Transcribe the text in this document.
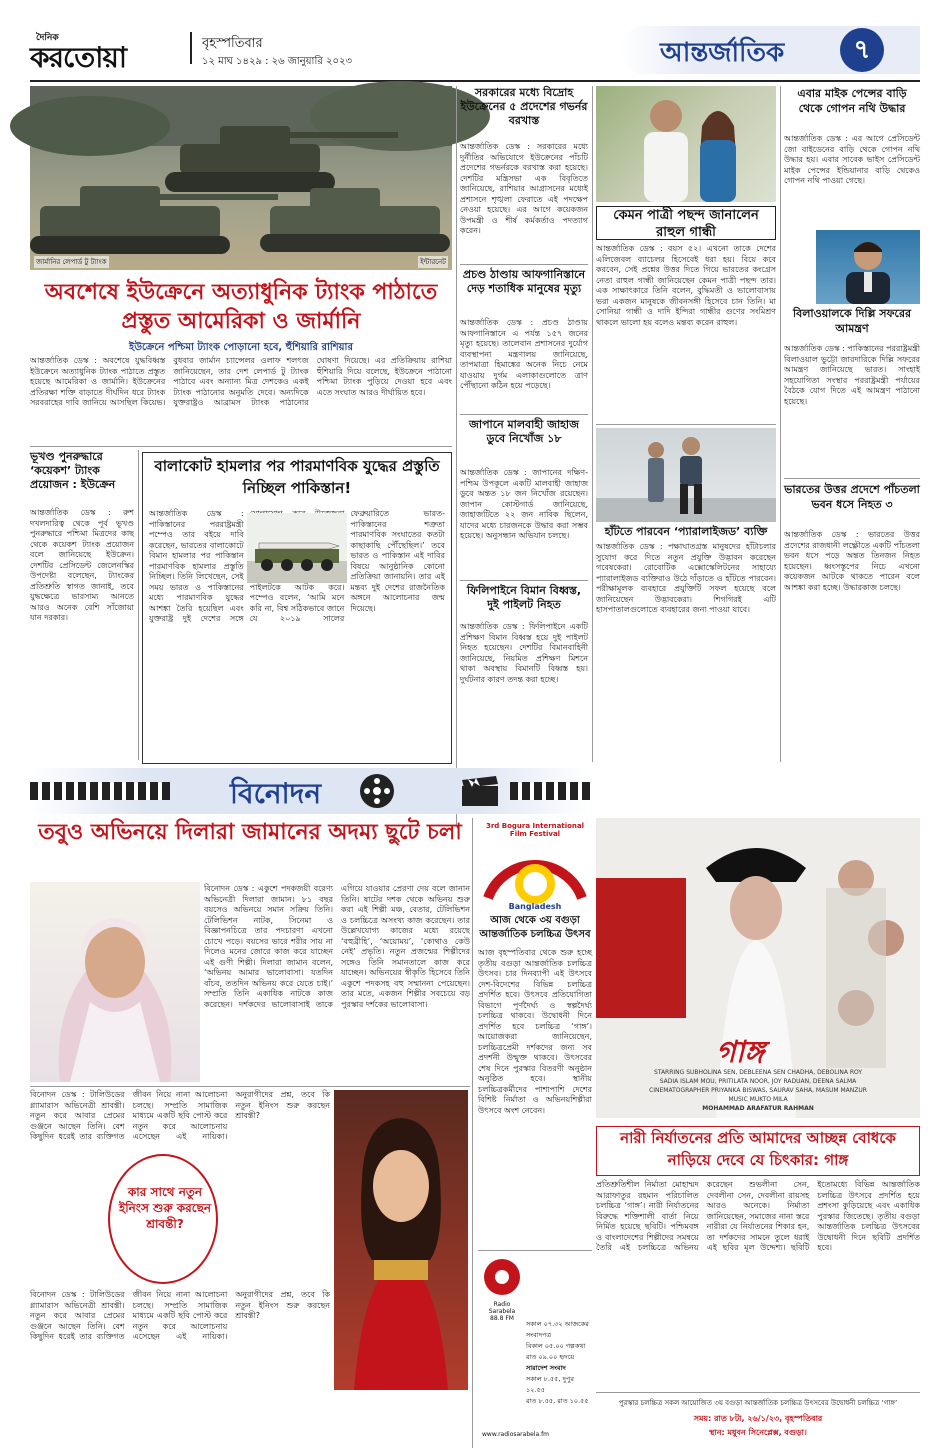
দৈনিক
করতোয়া	বৃহস্পতিবার
১২ মাঘ ১৪২৯ : ২৬ জানুয়ারি ২০২৩	আন্তর্জাতিক	৭
জার্মানির লেপার্ড টু ট্যাংক	ইন্টারনেট
অবশেষে ইউক্রেনে অত্যাধুনিক ট্যাংক পাঠাতে প্রস্তুত আমেরিকা ও জার্মানি
ইউক্রেনে পশ্চিমা ট্যাংক পোড়ানো হবে, হুঁশিয়ারি রাশিয়ার
আন্তর্জাতিক ডেস্ক : অবশেষে যুদ্ধবিধ্বস্ত ইউক্রেনে অত্যাধুনিক ট্যাংক পাঠাতে প্রস্তুত হয়েছে আমেরিকা ও জার্মানি। ইউক্রেনের প্রতিরক্ষা শক্তি বাড়াতে দীর্ঘদিন ধরে ট্যাংক সরবরাহের দাবি জানিয়ে আসছিল কিয়েভ। বুধবার জার্মান চ্যান্সেলর ওলাফ শলৎজ জানিয়েছেন, তার দেশ লেপার্ড টু ট্যাংক পাঠাবে এবং অন্যান্য মিত্র দেশকেও একই ট্যাংক পাঠানোর অনুমতি দেবে। অন্যদিকে যুক্তরাষ্ট্রও আব্রামস ট্যাংক পাঠানোর ঘোষণা দিয়েছে। এর প্রতিক্রিয়ায় রাশিয়া হুঁশিয়ারি দিয়ে বলেছে, ইউক্রেনে পাঠানো পশ্চিমা ট্যাংক পুড়িয়ে দেওয়া হবে এবং এতে সংঘাত আরও দীর্ঘায়িত হবে।
সরকারের মধ্যে বিদ্রোহ ইউক্রেনের ৫ প্রদেশের গভর্নর বরখাস্ত
আন্তর্জাতিক ডেস্ক : সরকারের মধ্যে দুর্নীতির অভিযোগে ইউক্রেনের পাঁচটি প্রদেশের গভর্নরকে বরখাস্ত করা হয়েছে। দেশটির মন্ত্রিসভা এক বিবৃতিতে জানিয়েছে, রাশিয়ার আগ্রাসনের মধ্যেই প্রশাসনে শৃঙ্খলা ফেরাতে এই পদক্ষেপ নেওয়া হয়েছে। এর আগে কয়েকজন উপমন্ত্রী ও শীর্ষ কর্মকর্তাও পদত্যাগ করেন।
প্রচণ্ড ঠাণ্ডায় আফগানিস্তানে দেড় শতাধিক মানুষের মৃত্যু
আন্তর্জাতিক ডেস্ক : প্রচণ্ড ঠাণ্ডায় আফগানিস্তানে এ পর্যন্ত ১৫৭ জনের মৃত্যু হয়েছে। তালেবান প্রশাসনের দুর্যোগ ব্যবস্থাপনা মন্ত্রণালয় জানিয়েছে, তাপমাত্রা হিমাঙ্কের অনেক নিচে নেমে যাওয়ায় দুর্গম এলাকাগুলোতে ত্রাণ পৌঁছানো কঠিন হয়ে পড়েছে।
জাপানে মালবাহী জাহাজ ডুবে নিখোঁজ ১৮
আন্তর্জাতিক ডেস্ক : জাপানের দক্ষিণ-পশ্চিম উপকূলে একটি মালবাহী জাহাজ ডুবে অন্তত ১৮ জন নিখোঁজ রয়েছেন। জাপান কোস্টগার্ড জানিয়েছে, জাহাজটিতে ২২ জন নাবিক ছিলেন, যাদের মধ্যে চারজনকে উদ্ধার করা সম্ভব হয়েছে। অনুসন্ধান অভিযান চলছে।
ফিলিপাইনে বিমান বিধ্বস্ত, দুই পাইলট নিহত
আন্তর্জাতিক ডেস্ক : ফিলিপাইনে একটি প্রশিক্ষণ বিমান বিধ্বস্ত হয়ে দুই পাইলট নিহত হয়েছেন। দেশটির বিমানবাহিনী জানিয়েছে, নিয়মিত প্রশিক্ষণ মিশনে থাকা অবস্থায় বিমানটি বিধ্বস্ত হয়। দুর্ঘটনার কারণ তদন্ত করা হচ্ছে।
কেমন পাত্রী পছন্দ জানালেন রাহুল গান্ধী
আন্তর্জাতিক ডেস্ক : বয়স ৫২। এখনো তাকে দেশের এলিজেবল ব্যাচেলর হিসেবেই ধরা হয়। বিয়ে কবে করবেন, সেই প্রশ্নের উত্তর দিতে গিয়ে ভারতের কংগ্রেস নেতা রাহুল গান্ধী জানিয়েছেন কেমন পাত্রী পছন্দ তার। এক সাক্ষাৎকারে তিনি বলেন, বুদ্ধিমতী ও ভালোবাসায় ভরা একজন মানুষকে জীবনসঙ্গী হিসেবে চান তিনি। মা সোনিয়া গান্ধী ও দাদি ইন্দিরা গান্ধীর গুণের সংমিশ্রণ থাকলে ভালো হয় বলেও মন্তব্য করেন রাহুল।
হাঁটতে পারবেন ‘প্যারালাইজড’ ব্যক্তি
আন্তর্জাতিক ডেস্ক : পক্ষাঘাতগ্রস্ত মানুষদের হাঁটাচলার সুযোগ করে দিতে নতুন প্রযুক্তি উদ্ভাবন করেছেন গবেষকেরা। রোবোটিক এক্সোস্কেলিটনের সাহায্যে প্যারালাইজড ব্যক্তিরাও উঠে দাঁড়াতে ও হাঁটতে পারবেন। পরীক্ষামূলক ব্যবহারে প্রযুক্তিটি সফল হয়েছে বলে জানিয়েছেন উদ্ভাবকেরা। শিগগিরই এটি হাসপাতালগুলোতে ব্যবহারের জন্য পাওয়া যাবে।
এবার মাইক পেন্সের বাড়ি থেকে গোপন নথি উদ্ধার
আন্তর্জাতিক ডেস্ক : এর আগে প্রেসিডেন্ট জো বাইডেনের বাড়ি থেকে গোপন নথি উদ্ধার হয়। এবার সাবেক ভাইস প্রেসিডেন্ট মাইক পেন্সের ইন্ডিয়ানার বাড়ি থেকেও গোপন নথি পাওয়া গেছে।
বিলাওয়ালকে দিল্লি সফরের আমন্ত্রণ
আন্তর্জাতিক ডেস্ক : পাকিস্তানের পররাষ্ট্রমন্ত্রী বিলাওয়াল ভুট্টো জারদারিকে দিল্লি সফরের আমন্ত্রণ জানিয়েছে ভারত। সাংহাই সহযোগিতা সংস্থার পররাষ্ট্রমন্ত্রী পর্যায়ের বৈঠকে যোগ দিতে এই আমন্ত্রণ পাঠানো হয়েছে।
ভারতের উত্তর প্রদেশে পাঁচতলা ভবন ধসে নিহত ৩
আন্তর্জাতিক ডেস্ক : ভারতের উত্তর প্রদেশের রাজধানী লক্ষ্ণৌতে একটি পাঁচতলা ভবন ধসে পড়ে অন্তত তিনজন নিহত হয়েছেন। ধ্বংসস্তূপের নিচে এখনো কয়েকজন আটকে থাকতে পারেন বলে আশঙ্কা করা হচ্ছে। উদ্ধারকাজ চলছে।
ভূখণ্ড পুনরুদ্ধারে ‘কয়েকশ’ ট্যাংক প্রয়োজন : ইউক্রেন
আন্তর্জাতিক ডেস্ক : রুশ দখলদারিত্ব থেকে পূর্ব ভূখণ্ড পুনরুদ্ধারে পশ্চিমা মিত্রদের কাছ থেকে কয়েকশ ট্যাংক প্রয়োজন বলে জানিয়েছে ইউক্রেন। দেশটির প্রেসিডেন্ট জেলেনস্কির উপদেষ্টা বলেছেন, ট্যাংকের প্রতিশ্রুতি স্বাগত জানাই, তবে যুদ্ধক্ষেত্রে ভারসাম্য আনতে আরও অনেক বেশি সাঁজোয়া যান দরকার।
বালাকোট হামলার পর পারমাণবিক যুদ্ধের প্রস্তুতি নিচ্ছিল পাকিস্তান!
আন্তর্জাতিক ডেস্ক : পাকিস্তানের পররাষ্ট্রমন্ত্রী পম্পেও তার বইয়ে দাবি করেছেন, ভারতের বালাকোটে বিমান হামলার পর পাকিস্তান পারমাণবিক হামলার প্রস্তুতি নিচ্ছিল। তিনি লিখেছেন, সেই সময় ভারত ও পাকিস্তানের মধ্যে পারমাণবিক যুদ্ধের আশঙ্কা তৈরি হয়েছিল এবং যুক্তরাষ্ট্র দুই দেশের সঙ্গে পাইলটকে আটক করে। পম্পেও বলেন, ‘আমি মনে করি না, বিশ্ব সঠিকভাবে জানে যে ২০১৯ সালের ফেব্রুয়ারিতে ভারত-পাকিস্তানের শত্রুতা পারমাণবিক সংঘাতের কতটা কাছাকাছি পৌঁছেছিল।’ তবে ভারত ও পাকিস্তান এই দাবির বিষয়ে আনুষ্ঠানিক কোনো প্রতিক্রিয়া জানায়নি। তার এই মন্তব্য দুই দেশের রাজনৈতিক অঙ্গনে আলোচনার জন্ম দিয়েছে।
বিনোদন
তবুও অভিনয়ে দিলারা জামানের অদম্য ছুটে চলা
বিনোদন ডেস্ক : একুশে পদকজয়ী বরেণ্য অভিনেত্রী দিলারা জামান। ৮১ বছর বয়সেও অভিনয়ে সমান সক্রিয় তিনি। টেলিভিশন নাটক, সিনেমা ও বিজ্ঞাপনচিত্রে তার পদচারণা এখনো চোখে পড়ে। বয়সের ভারে শরীর সায় না দিলেও মনের জোরে কাজ করে যাচ্ছেন এই গুণী শিল্পী। দিলারা জামান বলেন, ‘অভিনয় আমার ভালোবাসা। যতদিন বাঁচব, ততদিন অভিনয় করে যেতে চাই।’ সম্প্রতি তিনি একাধিক নাটকে কাজ করেছেন। দর্শকদের ভালোবাসাই তাকে এগিয়ে যাওয়ার প্রেরণা দেয় বলে জানান তিনি। ষাটের দশক থেকে অভিনয় শুরু করা এই শিল্পী মঞ্চ, বেতার, টেলিভিশন ও চলচ্চিত্রে অসংখ্য কাজ করেছেন। তার উল্লেখযোগ্য কাজের মধ্যে রয়েছে ‘বহুব্রীহি’, ‘অয়োময়’, ‘কোথাও কেউ নেই’ প্রভৃতি। নতুন প্রজন্মের শিল্পীদের সঙ্গেও তিনি সমানতালে কাজ করে যাচ্ছেন। অভিনয়ের স্বীকৃতি হিসেবে তিনি একুশে পদকসহ বহু সম্মাননা পেয়েছেন। তার মতে, একজন শিল্পীর সবচেয়ে বড় পুরস্কার দর্শকের ভালোবাসা।
বিনোদন ডেস্ক : টালিউডের গ্ল্যামারাস অভিনেত্রী শ্রাবন্তী। নতুন করে আবার প্রেমের গুঞ্জনে আছেন তিনি। বেশ কিছুদিন ধরেই তার ব্যক্তিগত জীবন নিয়ে নানা আলোচনা চলছে। সম্প্রতি সামাজিক মাধ্যমে একটি ছবি পোস্ট করে নতুন করে আলোচনায় এসেছেন এই নায়িকা। অনুরাগীদের প্রশ্ন, তবে কি নতুন ইনিংস শুরু করছেন শ্রাবন্তী?
কার সাথে নতুন ইনিংস শুরু করছেন শ্রাবন্তী?
বিনোদন ডেস্ক : টালিউডের গ্ল্যামারাস অভিনেত্রী শ্রাবন্তী। নতুন করে আবার প্রেমের গুঞ্জনে আছেন তিনি। বেশ কিছুদিন ধরেই তার ব্যক্তিগত জীবন নিয়ে নানা আলোচনা চলছে। সম্প্রতি সামাজিক মাধ্যমে একটি ছবি পোস্ট করে নতুন করে আলোচনায় এসেছেন এই নায়িকা। অনুরাগীদের প্রশ্ন, তবে কি নতুন ইনিংস শুরু করছেন শ্রাবন্তী?
3rd Bogura International Film Festival
Bangladesh
আজ থেকে ৩য় বগুড়া আন্তর্জাতিক চলচ্চিত্র উৎসব
আজ বৃহস্পতিবার থেকে শুরু হচ্ছে তৃতীয় বগুড়া আন্তর্জাতিক চলচ্চিত্র উৎসব। চার দিনব্যাপী এই উৎসবে দেশ-বিদেশের বিভিন্ন চলচ্চিত্র প্রদর্শিত হবে। উৎসবে প্রতিযোগিতা বিভাগে পূর্ণদৈর্ঘ্য ও স্বল্পদৈর্ঘ্য চলচ্চিত্র থাকবে। উদ্বোধনী দিনে প্রদর্শিত হবে চলচ্চিত্র ‘গাঙ্গ’। আয়োজকরা জানিয়েছেন, চলচ্চিত্রপ্রেমী দর্শকদের জন্য সব প্রদর্শনী উন্মুক্ত থাকবে। উৎসবের শেষ দিনে পুরস্কার বিতরণী অনুষ্ঠান অনুষ্ঠিত হবে। স্থানীয় চলচ্চিত্রকর্মীদের পাশাপাশি দেশের বিশিষ্ট নির্মাতা ও অভিনয়শিল্পীরা উৎসবে অংশ নেবেন।
Radio Sarabela
88.8 FM
সকাল ০৭.৩২ আজকের সংবাদপত্র
বিকাল ০৫.০০ গল্পকথা
রাত ০৯.০০ হৃদয়ে
সারাদেশ সংবাদ
সকাল ৮.৫৫, দুপুর ১২.৫৫
রাত ৮.৫৫, রাত ১০.৫৫
www.radiosarabela.fm
গাঙ্গ
STARRING SUBHOLINA SEN, DEBLEENA SEN CHADHA, DEBOLINA ROY
SADIA ISLAM MOU, PRITILATA NOOR, JOY RADUAN, DEENA SALMA
CINEMATOGRAPHER PRIYANKA BISWAS, SAURAV SAHA, MASUM MANZUR
MUSIC MUKTO MILA
MOHAMMAD ARAFATUR RAHMAN
নারী নির্যাতনের প্রতি আমাদের আচ্ছন্ন বোধকে নাড়িয়ে দেবে যে চিৎকার: গাঙ্গ
প্রতিশ্রুতিশীল নির্মাতা মোহাম্মদ আরাফাতুর রহমান পরিচালিত চলচ্চিত্র ‘গাঙ্গ’। নারী নির্যাতনের বিরুদ্ধে শক্তিশালী বার্তা নিয়ে নির্মিত হয়েছে ছবিটি। পশ্চিমবঙ্গ ও বাংলাদেশের শিল্পীদের সমন্বয়ে তৈরি এই চলচ্চিত্রে অভিনয় করেছেন শুভলীনা সেন, দেবলীনা সেন, দেবলীনা রায়সহ আরও অনেকে। নির্মাতা জানিয়েছেন, সমাজের নানা স্তরে নারীরা যে নির্যাতনের শিকার হন, তা দর্শকদের সামনে তুলে ধরাই এই ছবির মূল উদ্দেশ্য। ছবিটি ইতোমধ্যে বিভিন্ন আন্তর্জাতিক চলচ্চিত্র উৎসবে প্রদর্শিত হয়ে প্রশংসা কুড়িয়েছে এবং একাধিক পুরস্কার জিতেছে। তৃতীয় বগুড়া আন্তর্জাতিক চলচ্চিত্র উৎসবের উদ্বোধনী দিনে ছবিটি প্রদর্শিত হবে।
পুরস্কার চলচ্চিত্র সকল আয়োজিত ৩য় বগুড়া আন্তর্জাতিক চলচ্চিত্র উৎসবের উদ্বোধনী চলচ্চিত্র ‘গাঙ্গ’
সময়: রাত ৮টা, ২৬/১/২৩, বৃহস্পতিবার
স্থান: মধুবন সিনেপ্লেক্স, বগুড়া।
